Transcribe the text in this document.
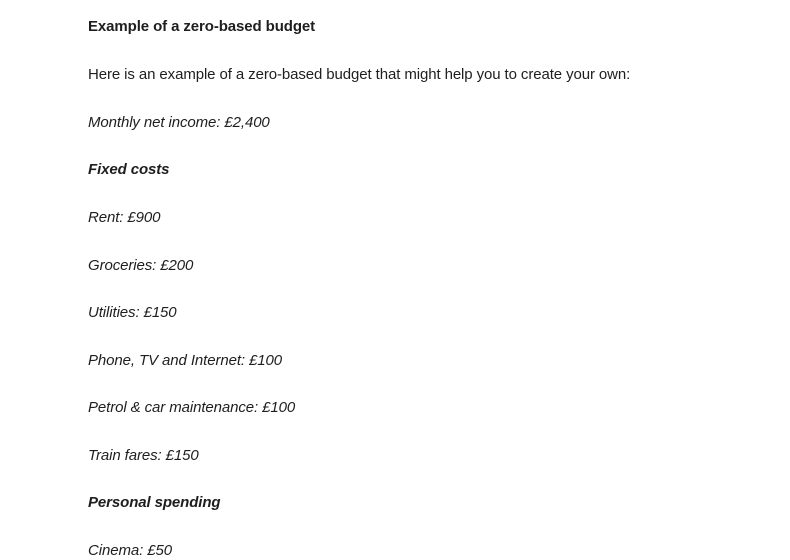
Example of a zero-based budget
Here is an example of a zero-based budget that might help you to create your own:
Monthly net income: £2,400
Fixed costs
Rent: £900
Groceries: £200
Utilities: £150
Phone, TV and Internet: £100
Petrol & car maintenance: £100
Train fares: £150
Personal spending
Cinema: £50
